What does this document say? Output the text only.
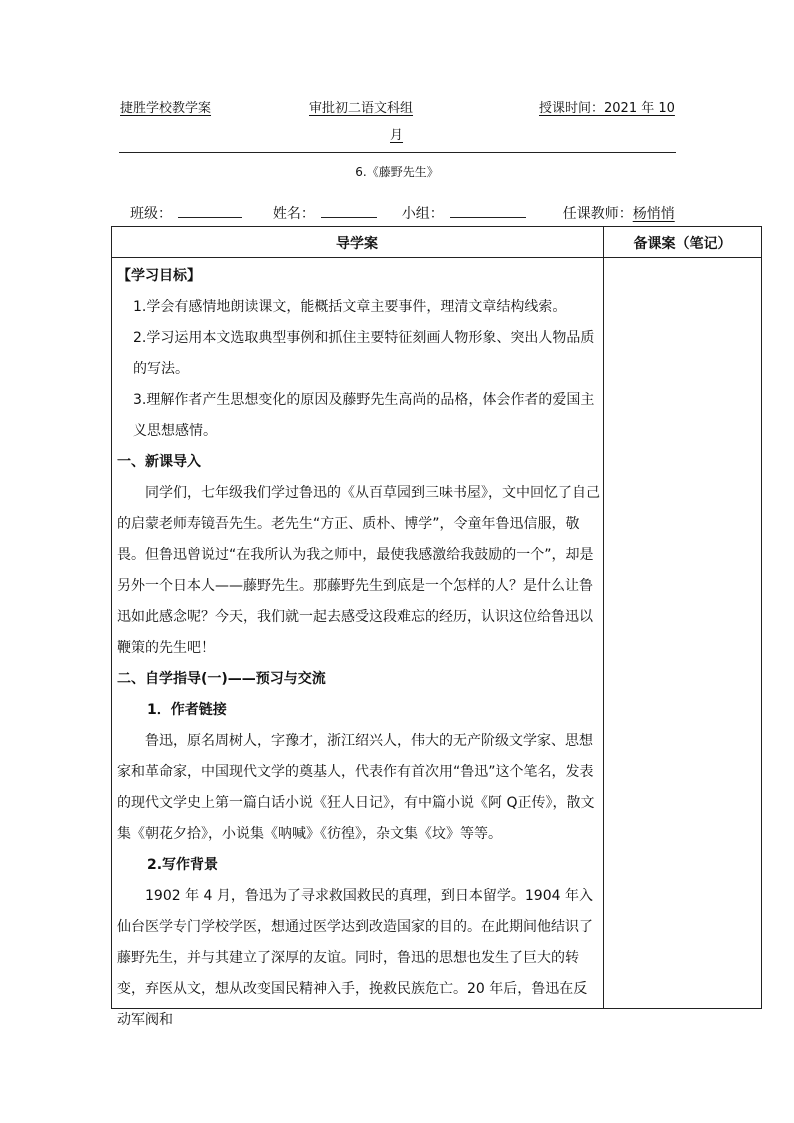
捷胜学校教学案	审批初二语文科组	授课时间：2021 年 10
月
6.《藤野先生》
班级：	姓名：	小组：	任课教师：杨悄悄
导学案	备课案（笔记）

【学习目标】

1.学会有感情地朗读课文，能概括文章主要事件，理清文章结构线索。

2.学习运用本文选取典型事例和抓住主要特征刻画人物形象、突出人物品质的写法。

3.理解作者产生思想变化的原因及藤野先生高尚的品格，体会作者的爱国主义思想感情。

一、新课导入

同学们，七年级我们学过鲁迅的《从百草园到三味书屋》，文中回忆了自己的启蒙老师寿镜吾先生。老先生“方正、质朴、博学”，令童年鲁迅信服，敬畏。但鲁迅曾说过“在我所认为我之师中，最使我感激给我鼓励的一个”，却是另外一个日本人——藤野先生。那藤野先生到底是一个怎样的人？是什么让鲁迅如此感念呢？今天，我们就一起去感受这段难忘的经历，认识这位给鲁迅以鞭策的先生吧！

二、自学指导(一)——预习与交流

1．作者链接

鲁迅，原名周树人，字豫才，浙江绍兴人，伟大的无产阶级文学家、思想家和革命家，中国现代文学的奠基人，代表作有首次用“鲁迅”这个笔名，发表的现代文学史上第一篇白话小说《狂人日记》，有中篇小说《阿 Q正传》，散文集《朝花夕拾》，小说集《呐喊》《彷徨》，杂文集《坟》等等。

2.写作背景

1902 年 4 月，鲁迅为了寻求救国救民的真理，到日本留学。1904 年入仙台医学专门学校学医，想通过医学达到改造国家的目的。在此期间他结识了藤野先生，并与其建立了深厚的友谊。同时，鲁迅的思想也发生了巨大的转变，弃医从文，想从改变国民精神入手，挽救民族危亡。20 年后，鲁迅在反动军阀和
